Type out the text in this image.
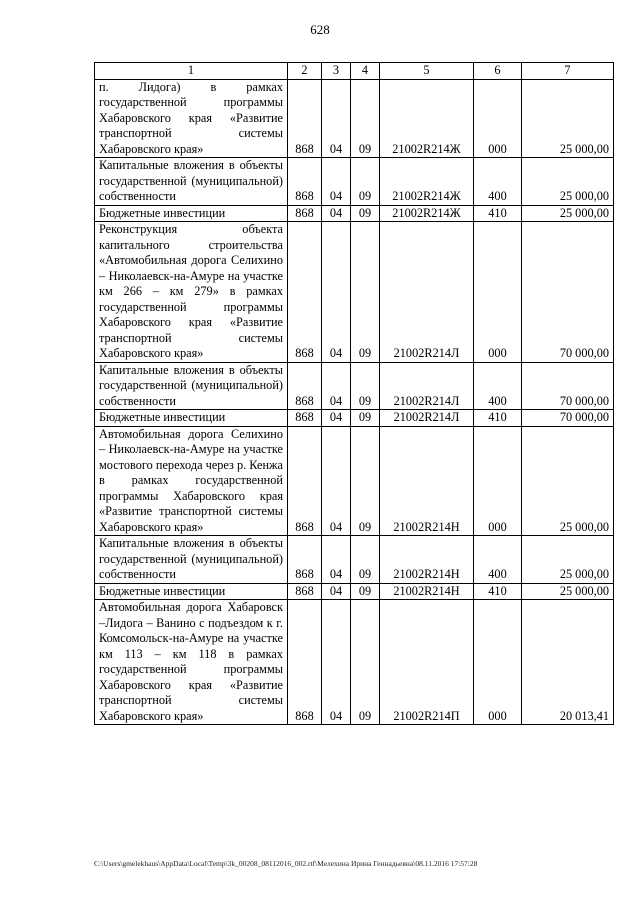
628
1	2	3	4	5	6	7
п. Лидога) в рамках государственной программы Хабаровского края «Развитие транспортной системы Хабаровского края»	868	04	09	21002R214Ж	000	25 000,00
Капитальные вложения в объекты государственной (муниципальной) собственности	868	04	09	21002R214Ж	400	25 000,00
Бюджетные инвестиции	868	04	09	21002R214Ж	410	25 000,00
Реконструкция объекта капитального строительства «Автомобильная дорога Селихино – Николаевск-на-Амуре на участке км 266 – км 279» в рамках государственной программы Хабаровского края «Развитие транспортной системы Хабаровского края»	868	04	09	21002R214Л	000	70 000,00
Капитальные вложения в объекты государственной (муниципальной) собственности	868	04	09	21002R214Л	400	70 000,00
Бюджетные инвестиции	868	04	09	21002R214Л	410	70 000,00
Автомобильная дорога Селихино – Николаевск-на-Амуре на участке мостового перехода через р. Кенжа в рамках государственной программы Хабаровского края «Развитие транспортной системы Хабаровского края»	868	04	09	21002R214Н	000	25 000,00
Капитальные вложения в объекты государственной (муниципальной) собственности	868	04	09	21002R214Н	400	25 000,00
Бюджетные инвестиции	868	04	09	21002R214Н	410	25 000,00
Автомобильная дорога Хабаровск –Лидога – Ванино с подъездом к г. Комсомольск-на-Амуре на участке км 113 – км 118 в рамках государственной программы Хабаровского края «Развитие транспортной системы Хабаровского края»	868	04	09	21002R214П	000	20 013,41
C:\Users\gmelekhaus\AppData\Local\Temp\3k_00208_08112016_002.rtf\Мелехина Ирина Геннадьевна\08.11.2016 17:57:28
